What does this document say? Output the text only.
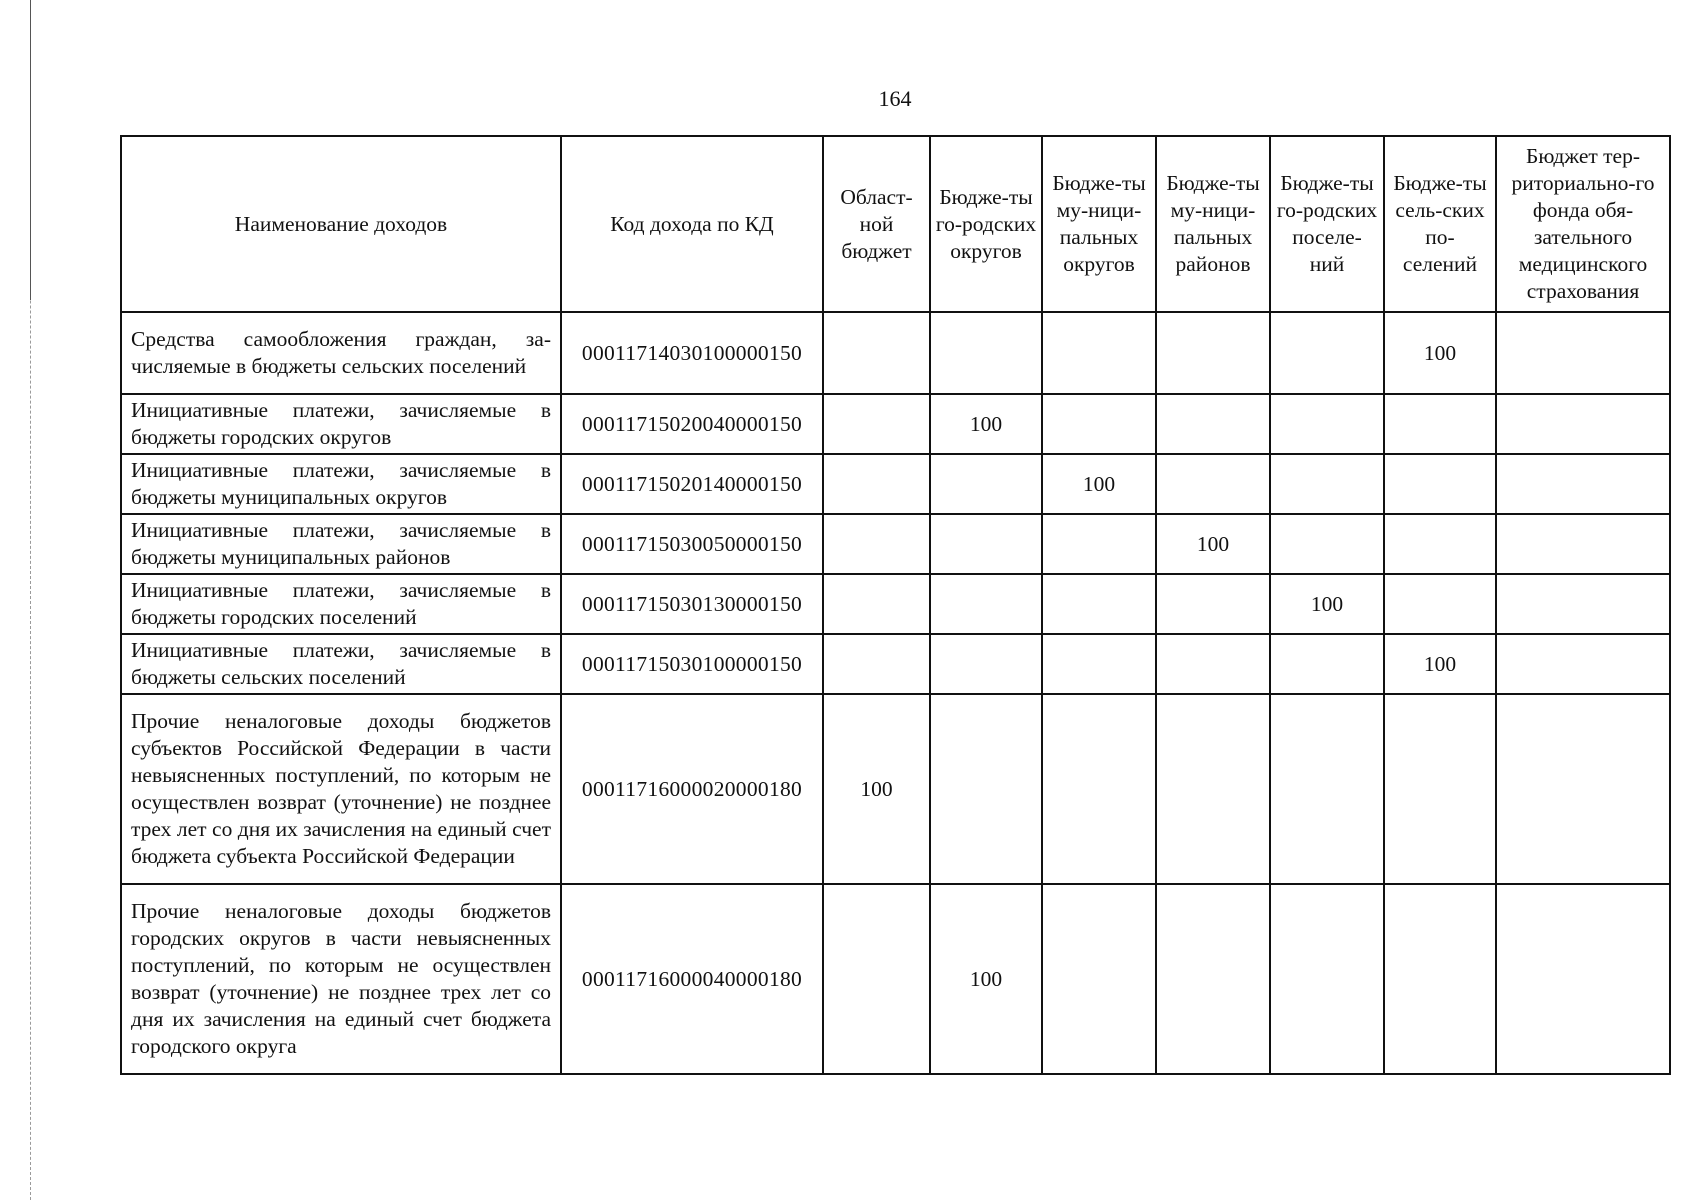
164
Наименование доходов	Код дохода по КД	Област-ной бюджет	Бюдже-ты го-родских округов	Бюдже-ты му-ници-пальных округов	Бюдже-ты му-ници-пальных районов	Бюдже-ты го-родских поселе-ний	Бюдже-ты сель-ских по-селений	Бюджет тер-риториально-го фонда обя-зательного медицинского страхования
Средства самообложения граждан, зачисляемые в бюджеты сельских поселений	00011714030100000150						100	
Инициативные платежи, зачисляемые в бюджеты городских округов	00011715020040000150		100					
Инициативные платежи, зачисляемые в бюджеты муниципальных округов	00011715020140000150			100				
Инициативные платежи, зачисляемые в бюджеты муниципальных районов	00011715030050000150				100			
Инициативные платежи, зачисляемые в бюджеты городских поселений	00011715030130000150					100		
Инициативные платежи, зачисляемые в бюджеты сельских поселений	00011715030100000150						100	
Прочие неналоговые доходы бюджетов субъектов Российской Федерации в части невыясненных поступлений, по которым не осуществлен возврат (уточнение) не позднее трех лет со дня их зачисления на единый счет бюджета субъекта Российской Федерации	00011716000020000180	100						
Прочие неналоговые доходы бюджетов городских округов в части невыясненных поступлений, по которым не осуществлен возврат (уточнение) не позднее трех лет со дня их зачисления на единый счет бюджета городского округа	00011716000040000180		100					
